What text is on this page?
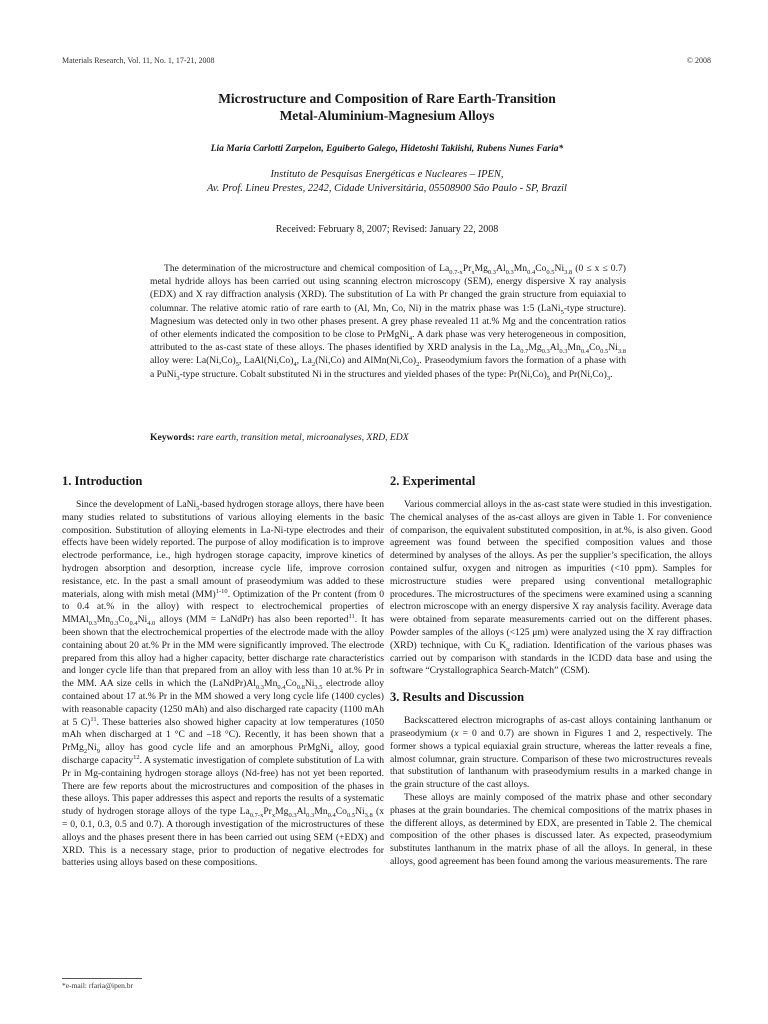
Materials Research, Vol. 11, No. 1, 17-21, 2008	© 2008
Microstructure and Composition of Rare Earth-Transition
Metal-Aluminium-Magnesium Alloys
Lia Maria Carlotti Zarpelon, Eguiberto Galego, Hidetoshi Takiishi, Rubens Nunes Faria*
Instituto de Pesquisas Energéticas e Nucleares – IPEN,
Av. Prof. Lineu Prestes, 2242, Cidade Universitária, 05508900 São Paulo - SP, Brazil
Received: February 8, 2007; Revised: January 22, 2008

The determination of the microstructure and chemical composition of $La_{0.7-x}Pr_xMg_{0.3}Al_{0.3}Mn_{0.4}Co_{0.5}Ni_{3.8}$ (0 ≤ x ≤ 0.7) metal hydride alloys has been carried out using scanning electron microscopy (SEM), energy dispersive X ray analysis (EDX) and X ray diffraction analysis (XRD). The substitution of La with Pr changed the grain structure from equiaxial to columnar. The relative atomic ratio of rare earth to (Al, Mn, Co, Ni) in the matrix phase was 1:5 (LaNi$_5$-type structure). Magnesium was detected only in two other phases present. A grey phase revealed 11 at.% Mg and the concentration ratios of other elements indicated the composition to be close to PrMgNi$_4$. A dark phase was very heterogeneous in composition, attributed to the as-cast state of these alloys. The phases identified by XRD analysis in the $La_{0.7}Mg_{0.3}Al_{0.3}Mn_{0.4}Co_{0.5}Ni_{3.8}$ alloy were: $La(Ni,Co)_5$, $LaAl(Ni,Co)_4$, $La_2(Ni,Co)$ and $AlMn(Ni,Co)_2$. Praseodymium favors the formation of a phase with a PuNi$_3$-type structure. Cobalt substituted Ni in the structures and yielded phases of the type: $Pr(Ni,Co)_5$ and $Pr(Ni,Co)_3$.

Keywords: rare earth, transition metal, microanalyses, XRD, EDX

1. Introduction

Since the development of LaNi$_5$-based hydrogen storage alloys, there have been many studies related to substitutions of various alloying elements in the basic composition. Substitution of alloying elements in La-Ni-type electrodes and their effects have been widely reported. The purpose of alloy modification is to improve electrode performance, i.e., high hydrogen storage capacity, improve kinetics of hydrogen absorption and desorption, increase cycle life, improve corrosion resistance, etc. In the past a small amount of praseodymium was added to these materials, along with mish metal (MM)$^{1-10}$. Optimization of the Pr content (from 0 to 0.4 at.% in the alloy) with respect to electrochemical properties of $MMAl_{0.3}Mn_{0.3}Co_{0.4}Ni_{4.0}$ alloys (MM = LaNdPr) has also been reported$^{11}$. It has been shown that the electrochemical properties of the electrode made with the alloy containing about 20 at.% Pr in the MM were significantly improved. The electrode prepared from this alloy had a higher capacity, better discharge rate characteristics and longer cycle life than that prepared from an alloy with less than 10 at.% Pr in the MM. AA size cells in which the $(LaNdPr)Al_{0.3}Mn_{0.4}Co_{0.8}Ni_{3.5}$ electrode alloy contained about 17 at.% Pr in the MM showed a very long cycle life (1400 cycles) with reasonable capacity (1250 mAh) and also discharged rate capacity (1100 mAh at 5 C)$^{11}$. These batteries also showed higher capacity at low temperatures (1050 mAh when discharged at 1 °C and –18 °C). Recently, it has been shown that a $PrMg_2Ni_9$ alloy has good cycle life and an amorphous PrMgNi$_4$ alloy, good discharge capacity$^{12}$. A systematic investigation of complete substitution of La with Pr in Mg-containing hydrogen storage alloys (Nd-free) has not yet been reported. There are few reports about the microstructures and composition of the phases in these alloys. This paper addresses this aspect and reports the results of a systematic study of hydrogen storage alloys of the type $La_{0.7-x}Pr_xMg_{0.3}Al_{0.3}Mn_{0.4}Co_{0.5}Ni_{3.8}$ (x = 0, 0.1, 0.3, 0.5 and 0.7). A thorough investigation of the microstructures of these alloys and the phases present there in has been carried out using SEM (+EDX) and XRD. This is a necessary stage, prior to production of negative electrodes for batteries using alloys based on these compositions.

2. Experimental

Various commercial alloys in the as-cast state were studied in this investigation. The chemical analyses of the as-cast alloys are given in Table 1. For convenience of comparison, the equivalent substituted composition, in at.%, is also given. Good agreement was found between the specified composition values and those determined by analyses of the alloys. As per the supplier’s specification, the alloys contained sulfur, oxygen and nitrogen as impurities (<10 ppm). Samples for microstructure studies were prepared using conventional metallographic procedures. The microstructures of the specimens were examined using a scanning electron microscope with an energy dispersive X ray analysis facility. Average data were obtained from separate measurements carried out on the different phases. Powder samples of the alloys (<125 μm) were analyzed using the X ray diffraction (XRD) technique, with Cu $K_\alpha$ radiation. Identification of the various phases was carried out by comparison with standards in the ICDD data base and using the software “Crystallographica Search-Match” (CSM).

3. Results and Discussion

Backscattered electron micrographs of as-cast alloys containing lanthanum or praseodymium (x = 0 and 0.7) are shown in Figures 1 and 2, respectively. The former shows a typical equiaxial grain structure, whereas the latter reveals a fine, almost columnar, grain structure. Comparison of these two microstructures reveals that substitution of lanthanum with praseodymium results in a marked change in the grain structure of the cast alloys.

These alloys are mainly composed of the matrix phase and other secondary phases at the grain boundaries. The chemical compositions of the matrix phases in the different alloys, as determined by EDX, are presented in Table 2. The chemical composition of the other phases is discussed later. As expected, praseodymium substitutes lanthanum in the matrix phase of all the alloys. In general, in these alloys, good agreement has been found among the various measurements. The rare

*e-mail: rfaria@ipen.br
